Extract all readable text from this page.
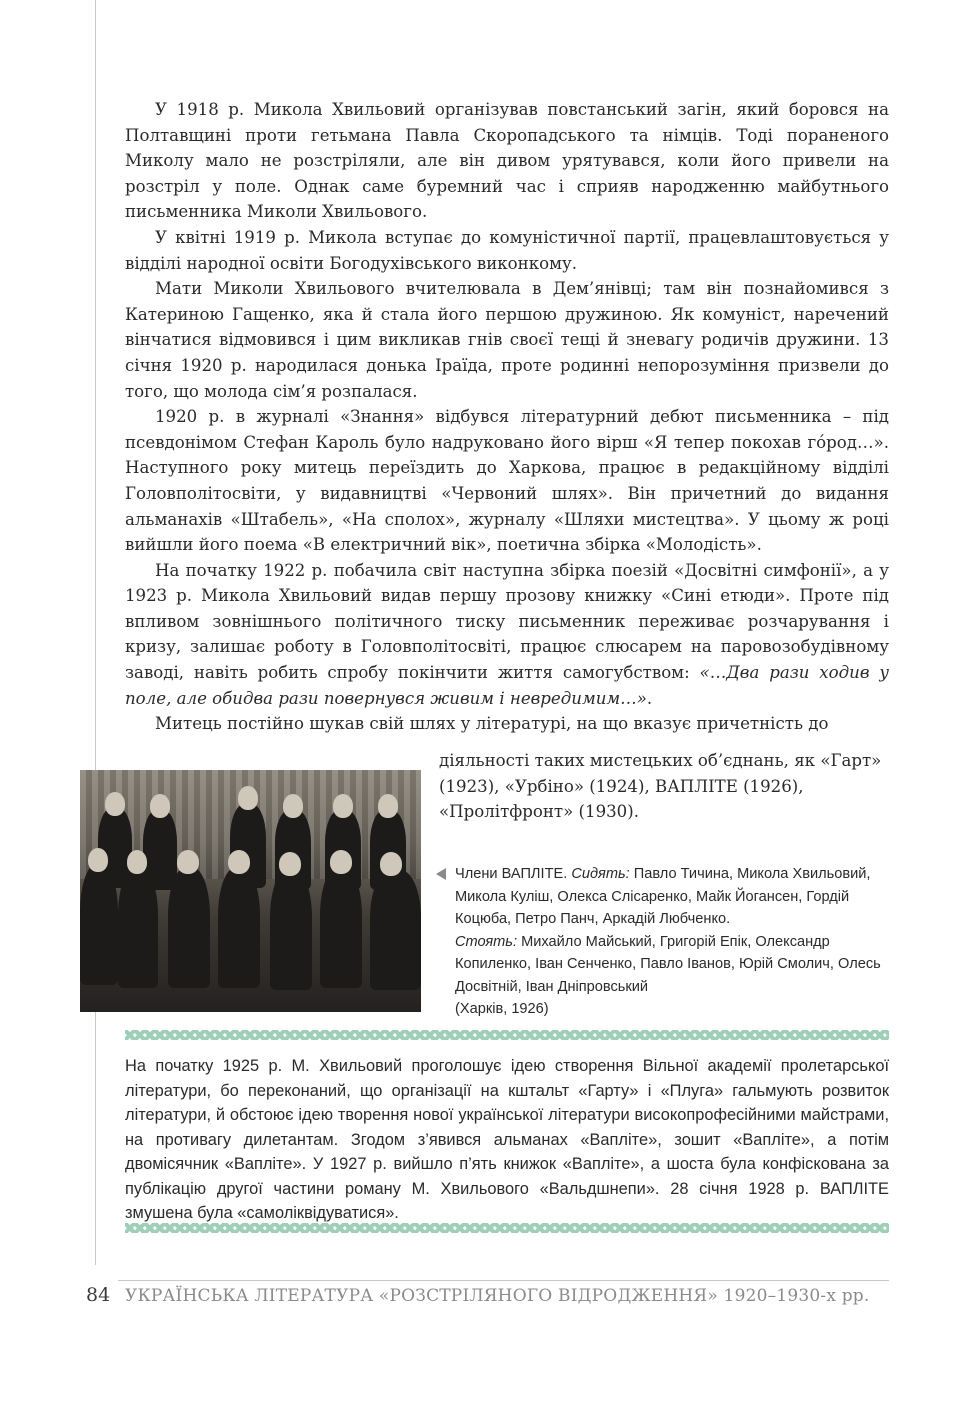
У 1918 р. Микола Хвильовий організував повстанський загін, який боровся на Полтавщині проти гетьмана Павла Скоропадського та німців. Тоді пораненого Миколу мало не розстріляли, але він дивом урятувався, коли його привели на розстріл у поле. Однак саме буремний час і сприяв народженню майбутнього письменника Миколи Хвильового.

У квітні 1919 р. Микола вступає до комуністичної партії, працевлаштовується у відділі народної освіти Богодухівського виконкому.

Мати Миколи Хвильового вчителювала в Дем’янівці; там він познайомився з Катериною Гащенко, яка й стала його першою дружиною. Як комуніст, наречений вінчатися відмовився і цим викликав гнів своєї тещі й зневагу родичів дружини. 13 січня 1920 р. народилася донька Іраїда, проте родинні непорозуміння призвели до того, що молода сім’я розпалася.

1920 р. в журналі «Знання» відбувся літературний дебют письменника – під псевдонімом Стефан Кароль було надруковано його вірш «Я тепер покохав гóрод…». Наступного року митець переїздить до Харкова, працює в редакційному відділі Головполітосвіти, у видавництві «Червоний шлях». Він причетний до видання альманахів «Штабель», «На сполох», журналу «Шляхи мистецтва». У цьому ж році вийшли його поема «В електричний вік», поетична збірка «Молодість».

На початку 1922 р. побачила світ наступна збірка поезій «Досвітні симфонії», а у 1923 р. Микола Хвильовий видав першу прозову книжку «Сині етюди». Проте під впливом зовнішнього політичного тиску письменник переживає розчарування і кризу, залишає роботу в Головполітосвіті, працює слюсарем на паровозобудівному заводі, навіть робить спробу покінчити життя самогубством: «…Два рази ходив у поле, але обидва рази повернувся живим і невредимим…».

Митець постійно шукав свій шлях у літературі, на що вказує причетність до

діяльності таких мистецьких об’єднань, як «Гарт» (1923), «Урбіно» (1924), ВАПЛІТЕ (1926), «Пролітфронт» (1930).

Члени ВАПЛІТЕ. Сидять: Павло Тичина, Микола Хвильовий, Микола Куліш, Олекса Слісаренко, Майк Йогансен, Гордій Коцюба, Петро Панч, Аркадій Любченко.
Стоять: Михайло Майський, Григорій Епік, Олександр Копиленко, Іван Сенченко, Павло Іванов, Юрій Смолич, Олесь Досвітній, Іван Дніпровський
(Харків, 1926)

На початку 1925 р. М. Хвильовий проголошує ідею створення Вільної академії пролетарської літератури, бо переконаний, що організації на кштальт «Гарту» і «Плуга» гальмують розвиток літератури, й обстоює ідею творення нової української літератури високопрофесійними майстрами, на противагу дилетантам. Згодом з’явився альманах «Вапліте», зошит «Вапліте», а потім двомісячник «Вапліте». У 1927 р. вийшло п’ять книжок «Вапліте», а шоста була конфіскована за публікацію другої частини роману М. Хвильового «Вальдшнепи». 28 січня 1928 р. ВАПЛІТЕ змушена була «самоліквідуватися».

84 УКРАЇНСЬКА ЛІТЕРАТУРА «РОЗСТРІЛЯНОГО ВІДРОДЖЕННЯ» 1920–1930-х рр.
